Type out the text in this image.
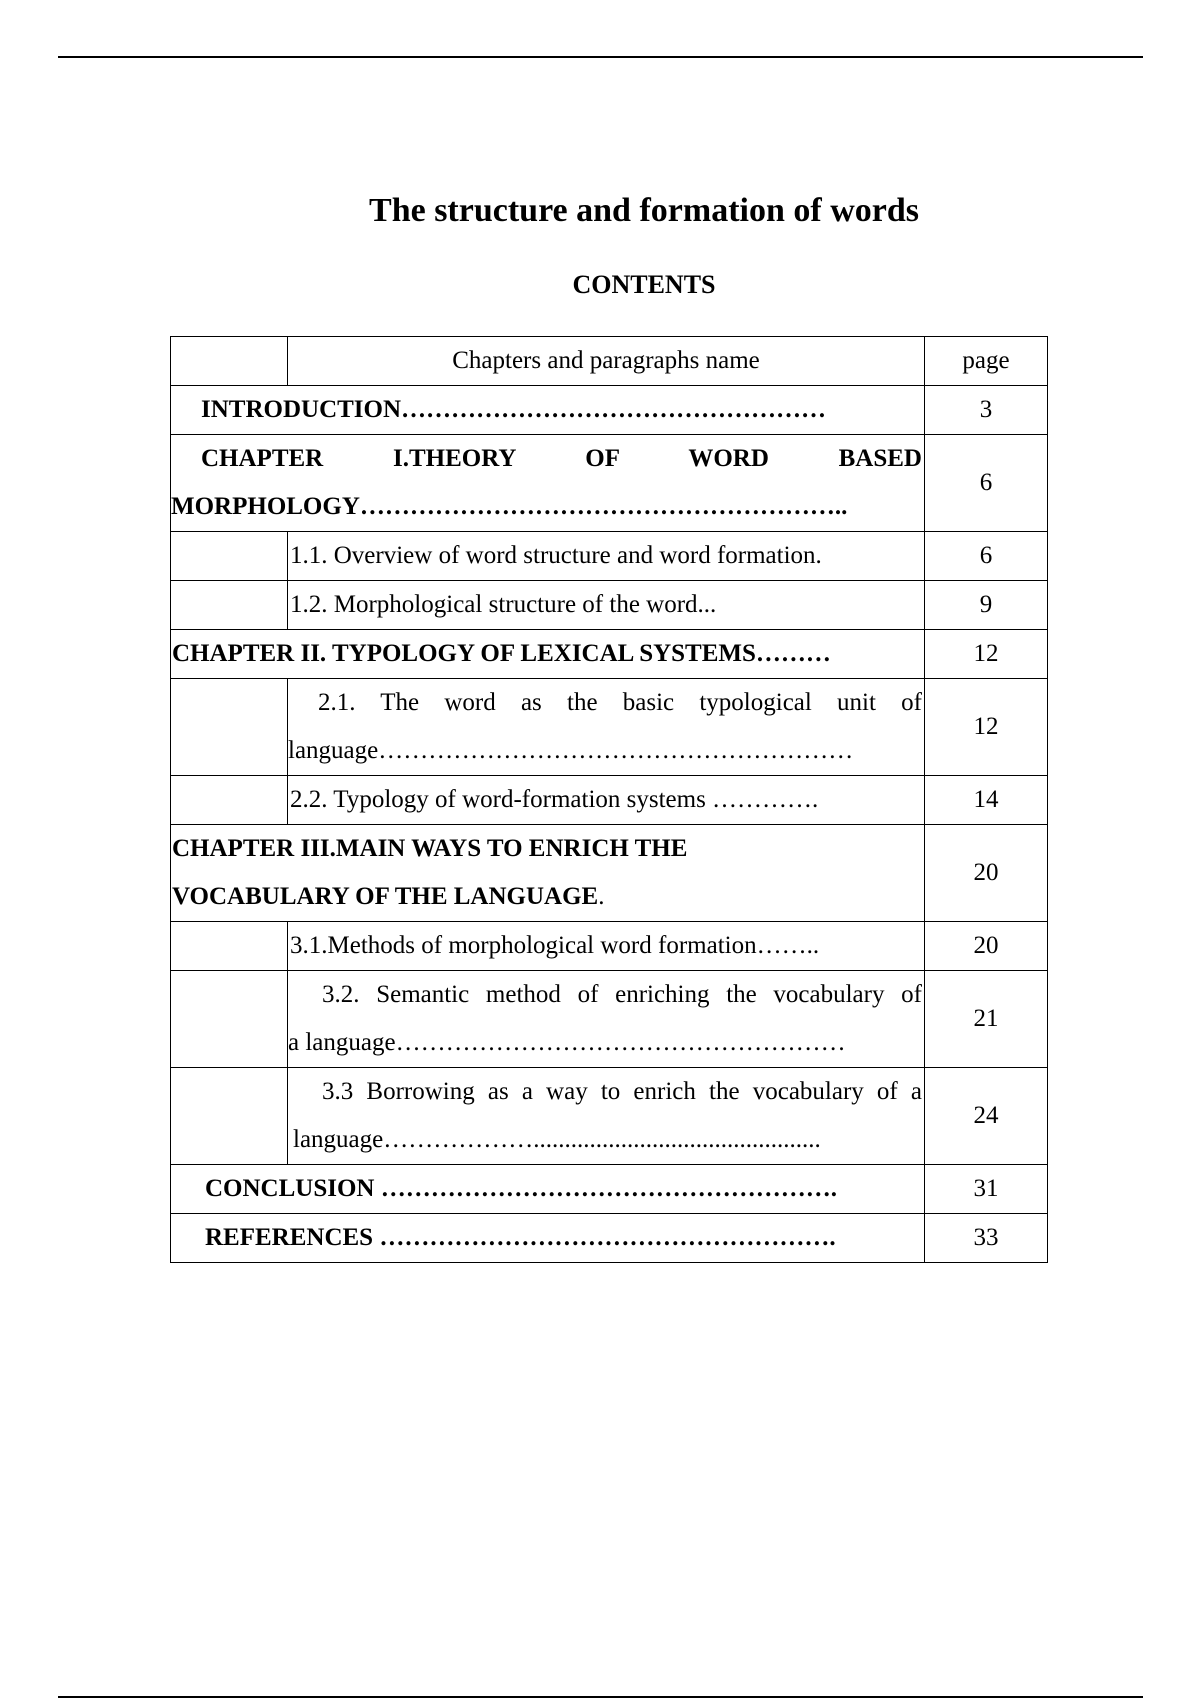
The structure and formation of words
CONTENTS
	Chapters and paragraphs name	page
INTRODUCTION……………………………………………		3

CHAPTER I.THEORY OF WORD BASED
MORPHOLOGY…………………………………………………..		6
	1.1. Overview of word structure and word formation.	6
	1.2. Morphological structure of the word...	9
CHAPTER II. TYPOLOGY OF LEXICAL SYSTEMS………		12

	2.1. The word as the basic typological unit of
language…………………………………………………	12
	2.2. Typology of word-formation systems ………….	14

CHAPTER III.MAIN WAYS TO ENRICH THE
VOCABULARY OF THE LANGUAGE.		20
	3.1.Methods of morphological word formation……..	20

	3.2. Semantic method of enriching the vocabulary of
a language………………………………………………	21

	3.3 Borrowing as a way to enrich the vocabulary of a
language………………..............................................	24
CONCLUSION ……………………………………………….		31
REFERENCES ……………………………………………….		33
